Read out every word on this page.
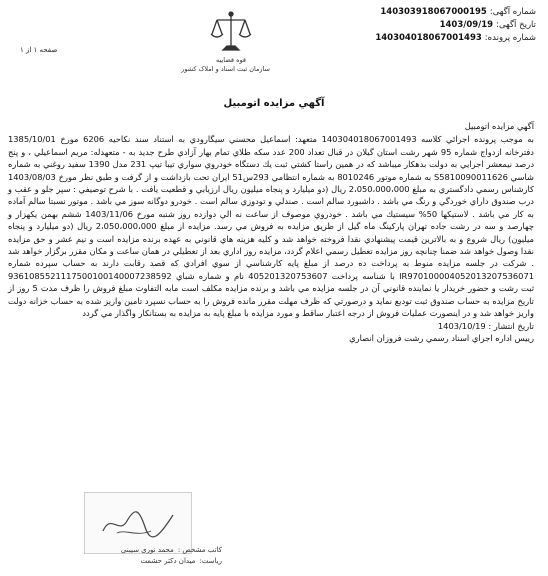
شماره آگهی:
140303918067000195
تاریخ آگهی:
1403/09/19
شماره پرونده:
140304018067001493
قوه قضاییه
سازمان ثبت اسناد و املاک کشور
صفحه ۱ از ۱
آگهي مزايده اتومبيل

آگهي مزايده اتومبيل

به موجب پرونده اجرائي كلاسه 140304018067001493 متعهد: اسماعيل محسني سيگارودي به استناد سند نكاحيه 6206 مورخ 1385/10/01 دفترخانه ازدواج شماره 95 شهر رشت استان گيلان در قبال تعداد 200 عدد سكه طلاي تمام بهار آزادي طرح جديد به - متعهدله: مريم اسماعيلي ، و پنج درصد نيمعشر اجرايي به دولت بدهكار ميباشد كه در همين راستا كشتي ثبت يك دستگاه خودروي سواري تيبا تيپ 231 مدل 1390 سفيد روغني به شماره شاسي S5810090011626 به شماره موتور 8010246 به شماره انتظامي 293س51 ايران تحت بازداشت و از گرفت و طبق نظر مورخ 1403/08/03 كارشناس رسمي دادگستري به مبلغ 2،050،000،000 ريال (دو ميليارد و پنجاه ميليون ريال ارزيابي و قطعيت يافت . با شرح توصيفي : سپر جلو و عقب و درب صندوق داراي خوردگي و رنگ مي باشد . داشبورد سالم است . صندلي و تودوزي سالم است . خودرو دوگانه سوز مي باشد . موتور نسبتا سالم آماده به كار مي باشد . لاستيكها 50% سيستيك مي باشد . خودروي موصوف از ساعت نه الي دوازده روز شنبه مورخ 1403/11/06 ششم بهمن يكهزار و چهارصد و سه در رشت جاده تهران پاركينگ ماه گيل از طريق مزايده به فروش مي رسد. مزايده از مبلغ 2،050،000،000 ريال (دو ميليارد و پنجاه ميليون) ريال شروع و به بالاترين قيمت پيشنهادي نقدا فروخته خواهد شد و كليه هزينه هاي قانوني به عهده برنده مزايده است و نيم عشر و حق مزايده نقدا وصول خواهد شد ضمنا چنانچه روز مزايده تعطيل رسمي اعلام گردد، مزايده روز اداري بعد از تعطيلي در همان ساعت و مكان مقرر برگزار خواهد شد . شركت در جلسه مزايده منوط به پرداخت ده درصد از مبلغ پايه كارشناسي از سوي افرادي كه قصد رقابت دارند به حساب سپرده شماره IR970100004052013207536071 با شناسه پرداخت 405201320753607 نام و شماره شباي 9361085521117500100140007238592 ثبت رشت و حضور خريدار يا نماينده قانوني آن در جلسه مزايده مي باشد و برنده مزايده مكلف است مابه التفاوت مبلغ فروش را ظرف مدت 5 روز از تاريخ مزايده به حساب صندوق ثبت توديع نمايد و درصورتي كه ظرف مهلت مقرر مانده فروش را به حساب نسپرد تامين واريز شده به حساب خزانه دولت واريز خواهد شد و در اينصورت عمليات فروش از درجه اعتبار ساقط و مورد مزايده با مبلغ پايه به مزايده به بستانكار واگذار مي گردد

تاريخ انتشار : 1403/10/19

رييس اداره اجراي اسناد رسمي رشت فروزان انصاري

كاتب مشخص :
محمد نوری سیبنی
رياست:
ميدان دكتر حشمت
